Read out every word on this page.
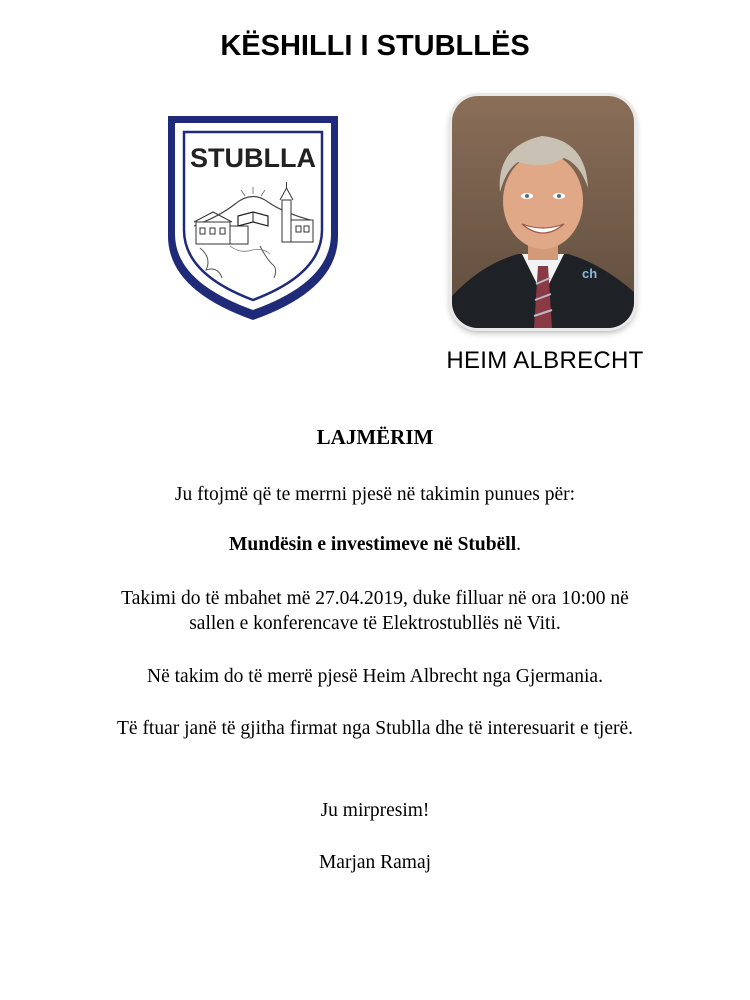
KËSHILLI I STUBLLËS
STUBLLA
ch
HEIM ALBRECHT
LAJMËRIM
Ju ftojmë që te merrni pjesë në takimin punues për:
Mundësin e investimeve në Stubëll.
Takimi do të mbahet më 27.04.2019, duke filluar në ora 10:00 në
sallen e konferencave të Elektrostubllës në Viti.
Në takim do të merrë pjesë Heim Albrecht nga Gjermania.
Të ftuar janë të gjitha firmat nga Stublla dhe të interesuarit e tjerë.
Ju mirpresim!
Marjan Ramaj
